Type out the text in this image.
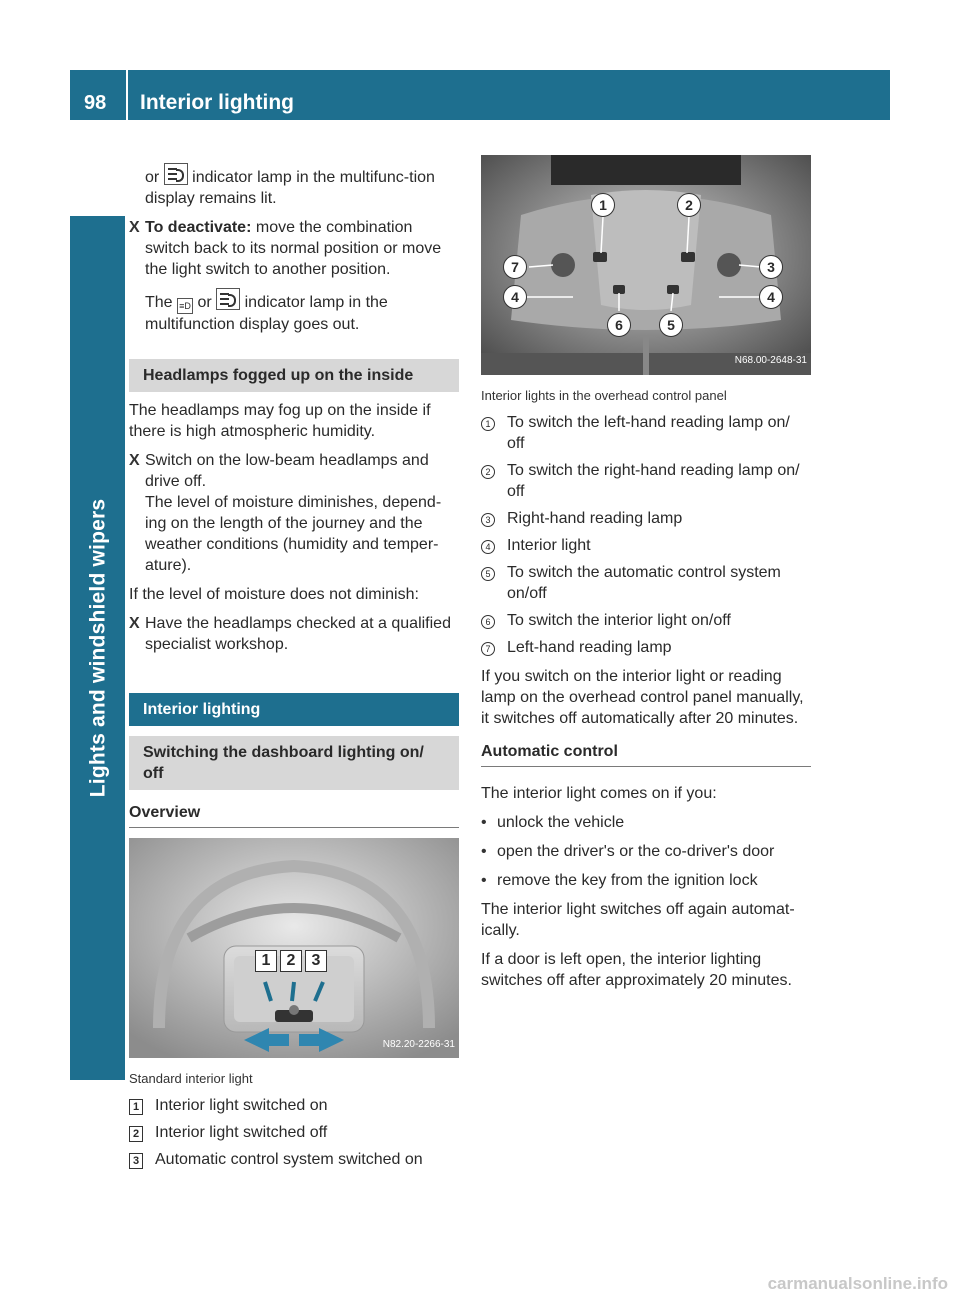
98 Interior lighting
Lights and windshield wipers

or indicator lamp in the multifunc-tion display remains lit.

X To deactivate: move the combination switch back to its normal position or move the light switch to another position.

The ≡D or indicator lamp in the multifunction display goes out.

Headlamps fogged up on the inside

The headlamps may fog up on the inside if there is high atmospheric humidity.

X Switch on the low-beam headlamps and drive off.
The level of moisture diminishes, depend-ing on the length of the journey and the weather conditions (humidity and temper-ature).

If the level of moisture does not diminish:

X Have the headlamps checked at a qualified specialist workshop.
Interior lighting
Switching the dashboard lighting on/ off
Overview
1	2	3
N82.20-2266-31

Standard interior light

1 Interior light switched on
2 Interior light switched off
3 Automatic control system switched on
1	2
3
4
5
6
7
4
N68.00-2648-31

Interior lights in the overhead control panel

1	To switch the left-hand reading lamp on/ off
2	To switch the right-hand reading lamp on/ off
3	Right-hand reading lamp
4	Interior light
5	To switch the automatic control system on/off
6	To switch the interior light on/off
7	Left-hand reading lamp

If you switch on the interior light or reading lamp on the overhead control panel manually, it switches off automatically after 20 minutes.

Automatic control

The interior light comes on if you:

• unlock the vehicle
• open the driver's or the co-driver's door
• remove the key from the ignition lock

The interior light switches off again automat-ically.

If a door is left open, the interior lighting switches off after approximately 20 minutes.

carmanualsonline.info
